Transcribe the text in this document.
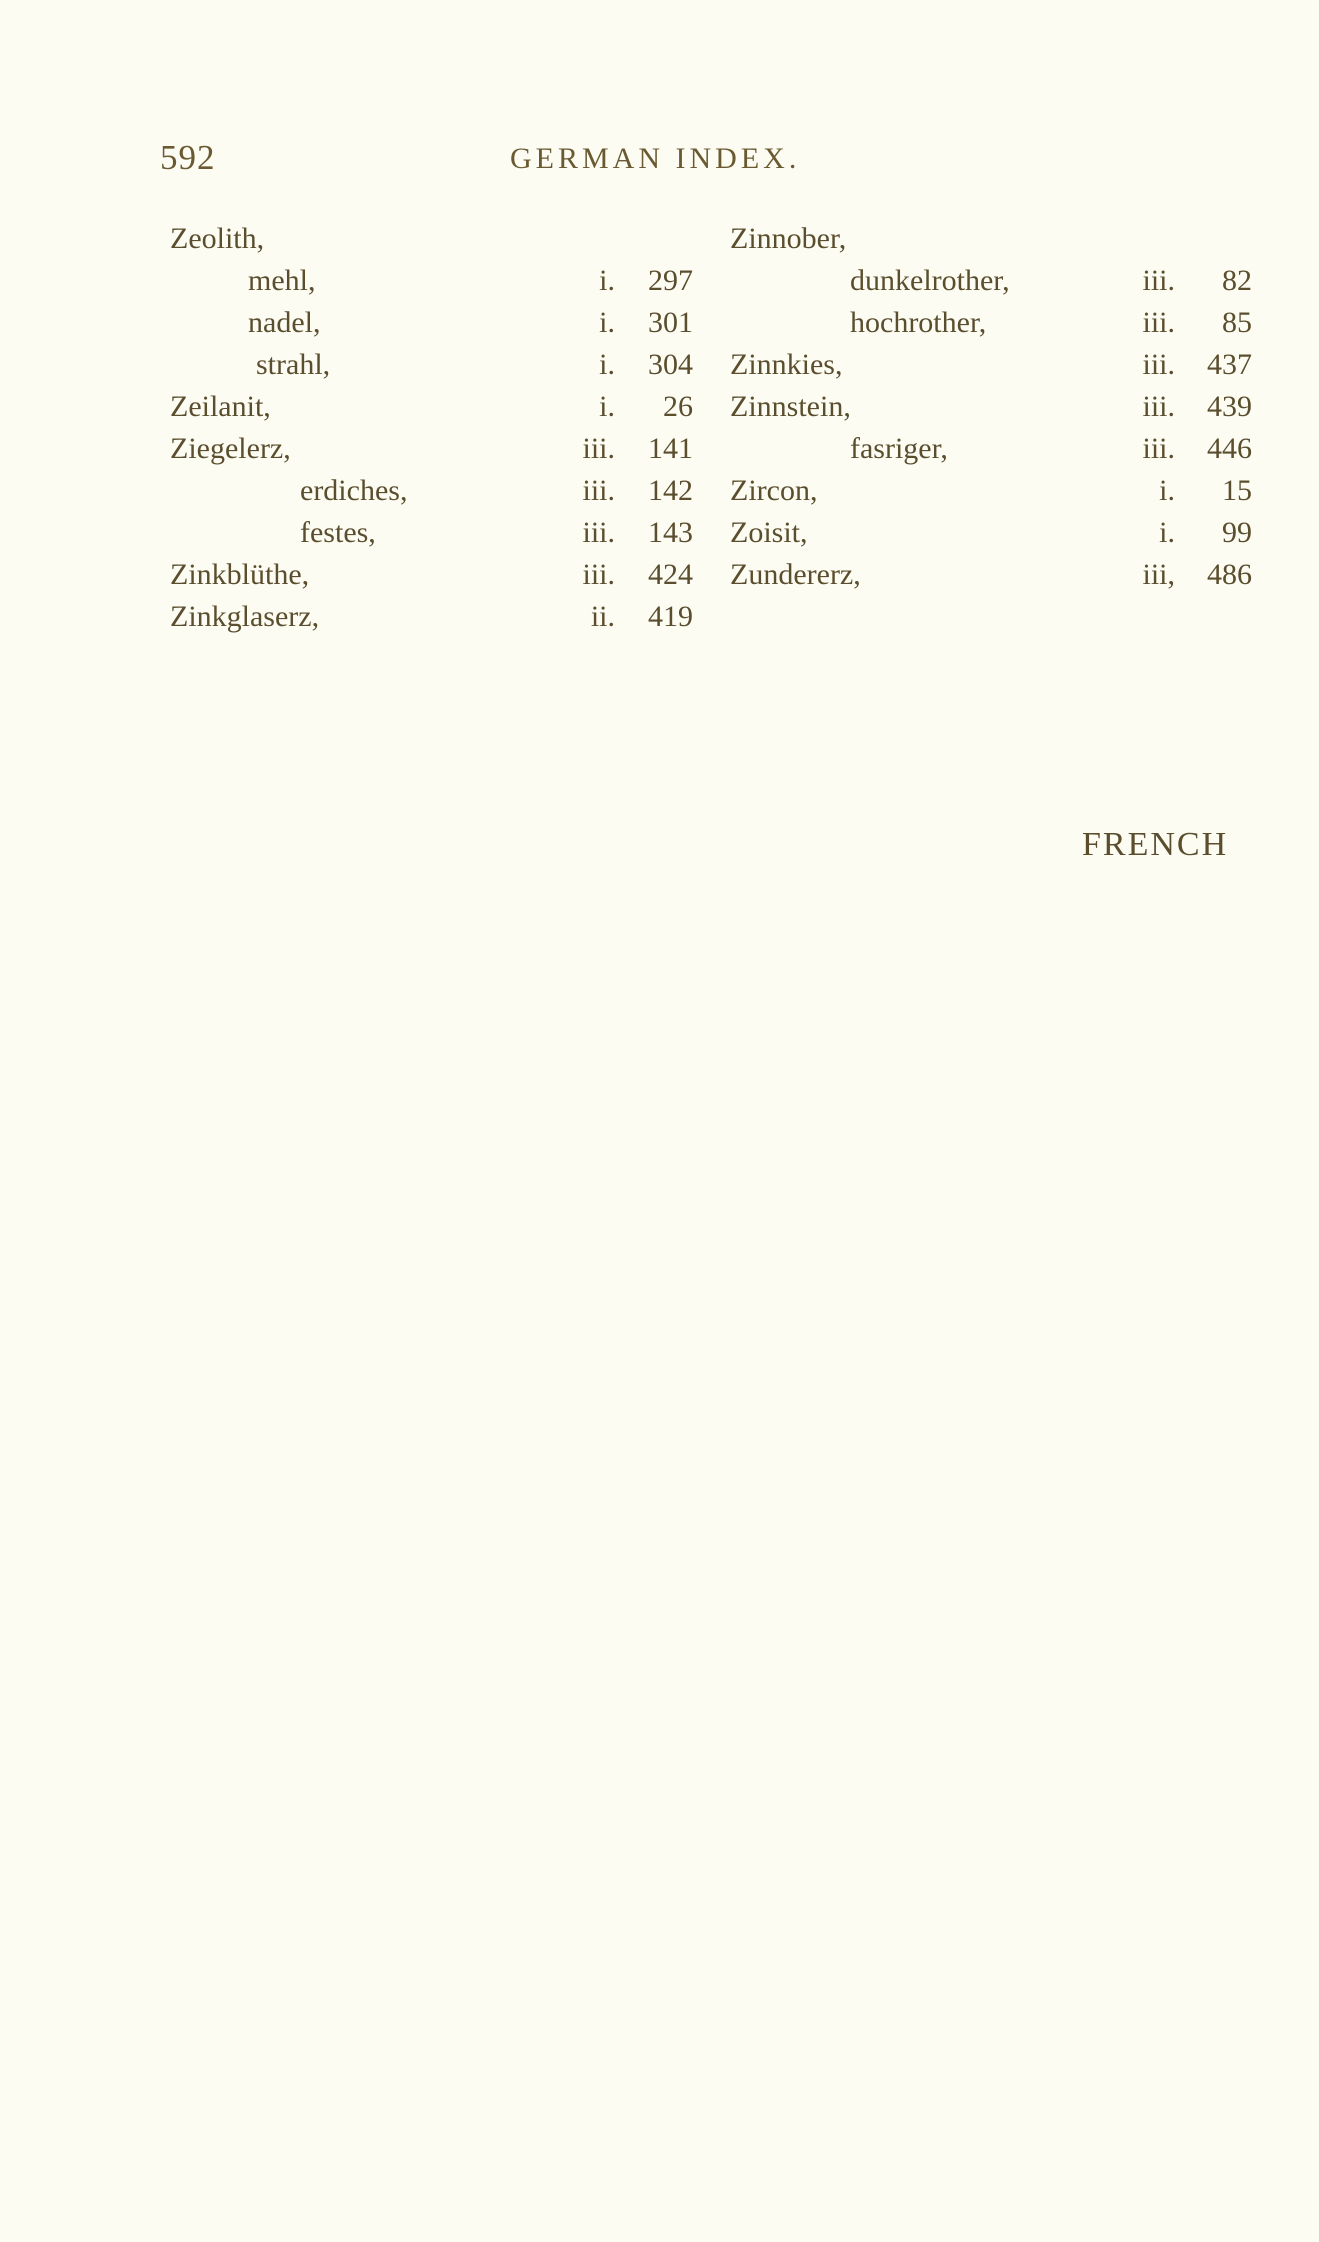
592	GERMAN INDEX.
Zeolith,
mehl,	i.	297
nadel,	i.	301
strahl,	i.	304
Zeilanit,	i.	26
Ziegelerz,	iii.	141
erdiches,	iii.	142
festes,	iii.	143
Zinkblüthe,	iii.	424
Zinkglaserz,	ii.	419
Zinnober,
dunkelrother,	iii.	82
hochrother,	iii.	85
Zinnkies,	iii.	437
Zinnstein,	iii.	439
fasriger,	iii.	446
Zircon,	i.	15
Zoisit,	i.	99
Zundererz,	iii,	486
FRENCH
